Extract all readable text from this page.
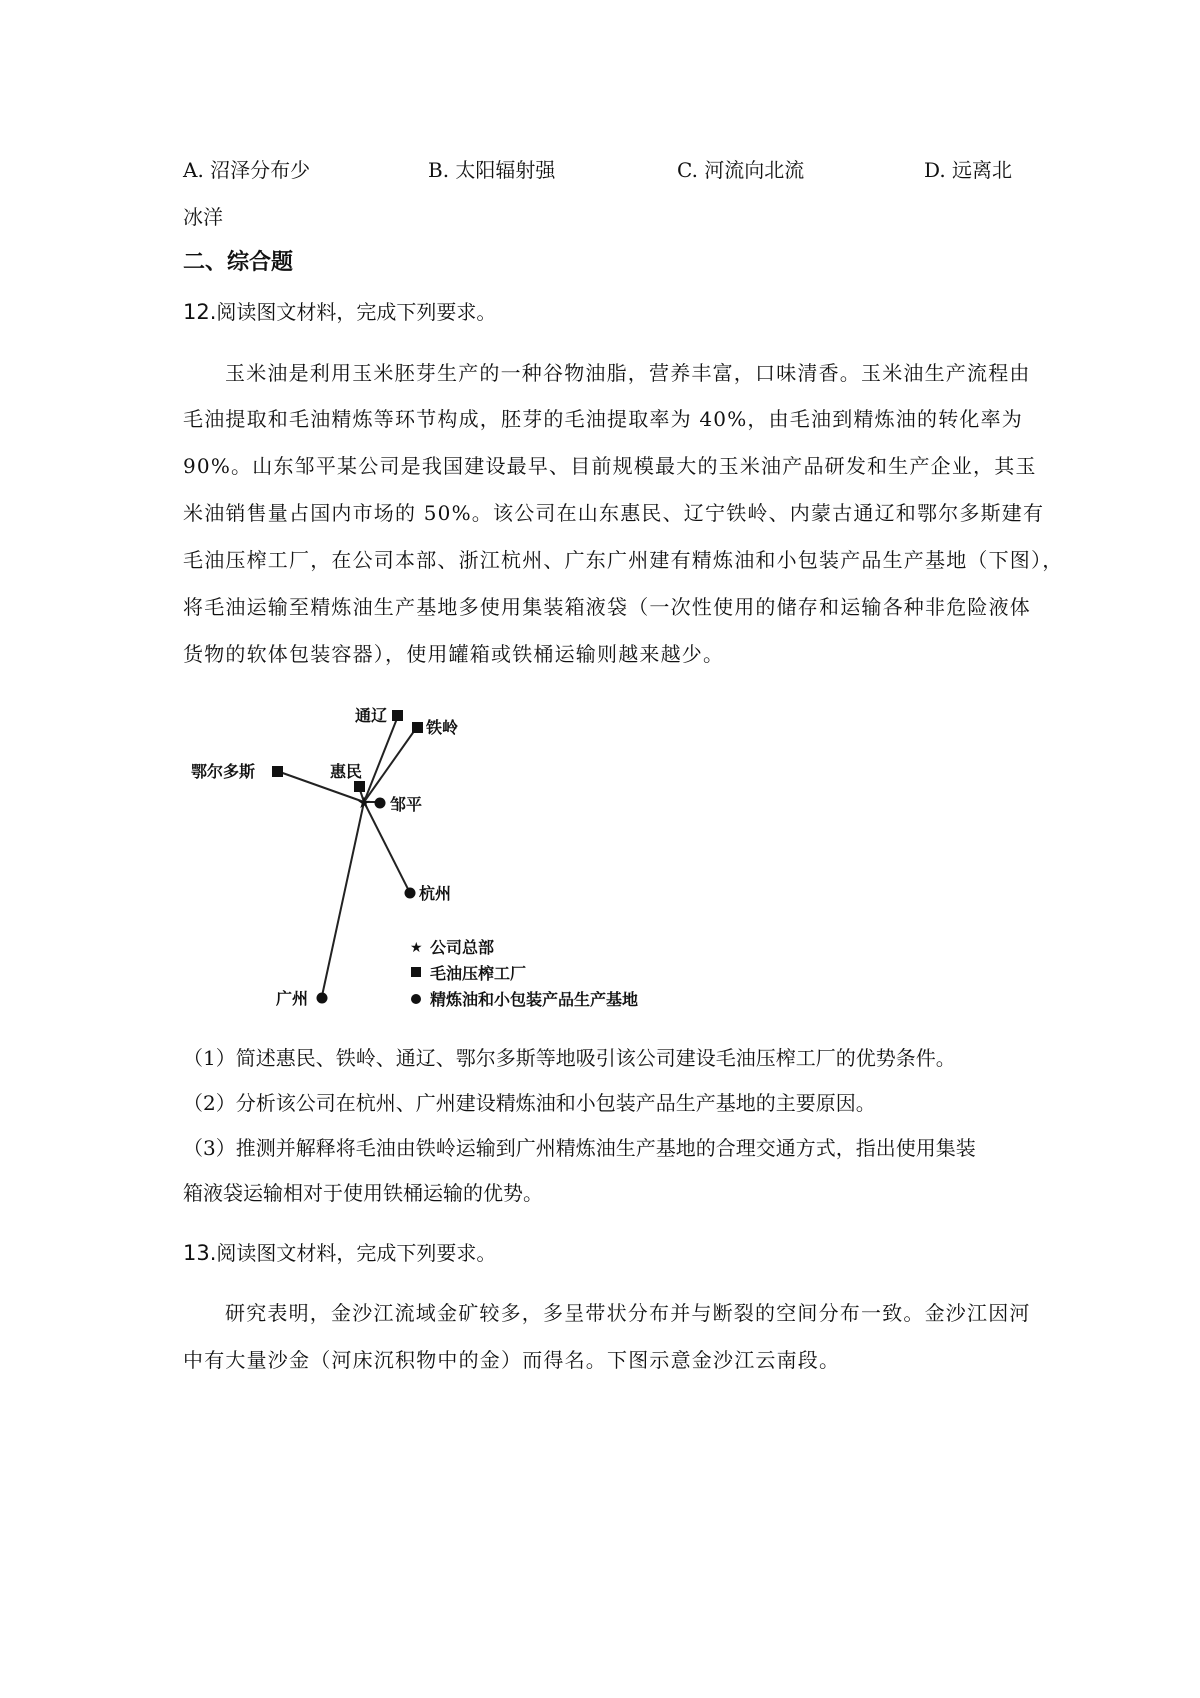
A. 沼泽分布少	B. 太阳辐射强	C. 河流向北流	D. 远离北
冰洋
二、综合题
12.阅读图文材料，完成下列要求。
玉米油是利用玉米胚芽生产的一种谷物油脂，营养丰富，口味清香。玉米油生产流程由
毛油提取和毛油精炼等环节构成，胚芽的毛油提取率为 40%，由毛油到精炼油的转化率为
90%。山东邹平某公司是我国建设最早、目前规模最大的玉米油产品研发和生产企业，其玉
米油销售量占国内市场的 50%。该公司在山东惠民、辽宁铁岭、内蒙古通辽和鄂尔多斯建有
毛油压榨工厂，在公司本部、浙江杭州、广东广州建有精炼油和小包装产品生产基地（下图），
将毛油运输至精炼油生产基地多使用集装箱液袋（一次性使用的储存和运输各种非危险液体
货物的软体包装容器），使用罐箱或铁桶运输则越来越少。
★
通辽
铁岭
鄂尔多斯	惠民
邹平
杭州
广州
★ 公司总部
毛油压榨工厂
精炼油和小包装产品生产基地
（1）简述惠民、铁岭、通辽、鄂尔多斯等地吸引该公司建设毛油压榨工厂的优势条件。
（2）分析该公司在杭州、广州建设精炼油和小包装产品生产基地的主要原因。
（3）推测并解释将毛油由铁岭运输到广州精炼油生产基地的合理交通方式，指出使用集装
箱液袋运输相对于使用铁桶运输的优势。
13.阅读图文材料，完成下列要求。
研究表明，金沙江流域金矿较多，多呈带状分布并与断裂的空间分布一致。金沙江因河
中有大量沙金（河床沉积物中的金）而得名。下图示意金沙江云南段。
